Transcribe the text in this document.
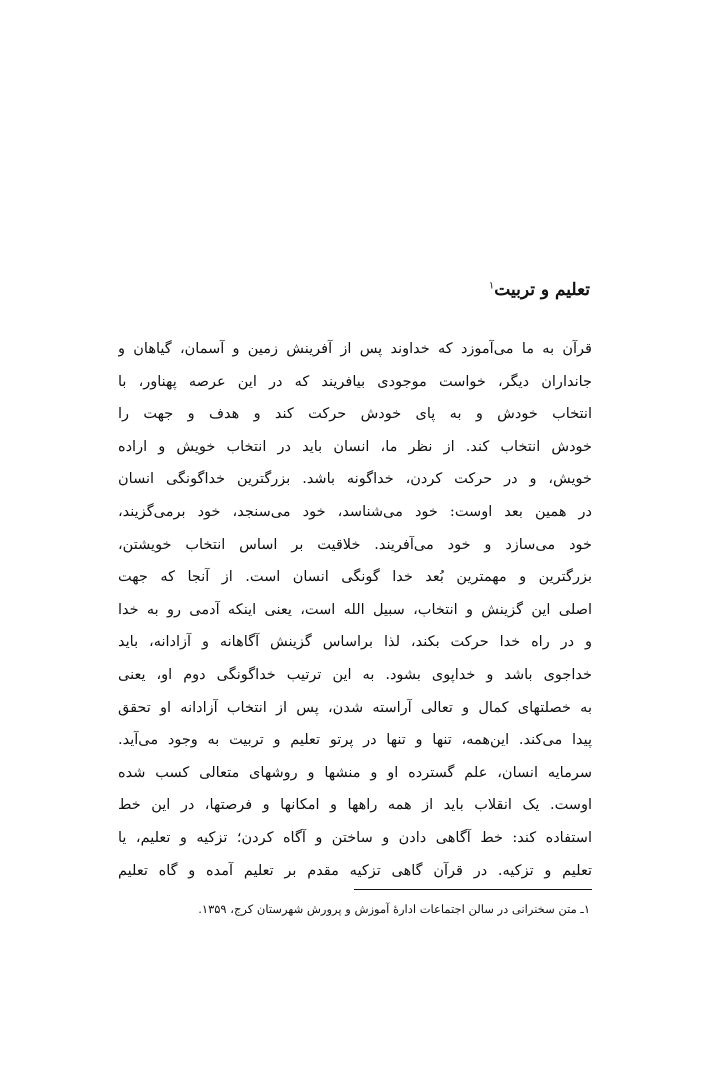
تعلیم و تربیت$^۱$
قرآن به ما می‌آموزد که خداوند پس از آفرینش زمین و آسمان، گیاهان و
جانداران دیگر، خواست موجودی بیافریند که در این عرصه پهناور، با
انتخاب خودش و به پای خودش حرکت کند و هدف و جهت را
خودش انتخاب کند. از نظر ما، انسان باید در انتخاب خویش و اراده
خویش، و در حرکت کردن، خداگونه باشد. بزرگترین خداگونگی انسان
در همین بعد اوست: خود می‌شناسد، خود می‌سنجد، خود برمی‌گزیند،
خود می‌سازد و خود می‌آفریند. خلاقیت بر اساس انتخاب خویشتن،
بزرگترین و مهمترین بُعد خدا گونگی انسان است. از آنجا که جهت
اصلی این گزینش و انتخاب، سبیل الله است، یعنی اینکه آدمی رو به خدا
و در راه خدا حرکت بکند، لذا براساس گزینش آگاهانه و آزادانه، باید
خداجوی باشد و خداپوی بشود. به این ترتیب خداگونگی دوم او، یعنی
به خصلتهای کمال و تعالی آراسته شدن، پس از انتخاب آزادانه او تحقق
پیدا می‌کند. این‌همه، تنها و تنها در پرتو تعلیم و تربیت به وجود می‌آید.
سرمایه انسان، علم گسترده او و منشها و روشهای متعالی کسب شده
اوست. یک انقلاب باید از همه راهها و امکانها و فرصتها، در این خط
استفاده کند: خط آگاهی دادن و ساختن و آگاه کردن؛ تزکیه و تعلیم، یا
تعلیم و تزکیه. در قرآن گاهی تزکیه مقدم بر تعلیم آمده و گاه تعلیم
۱ـ متن سخنرانی در سالن اجتماعات ادارهٔ آموزش و پرورش شهرستان کرج، ۱۳۵۹.
